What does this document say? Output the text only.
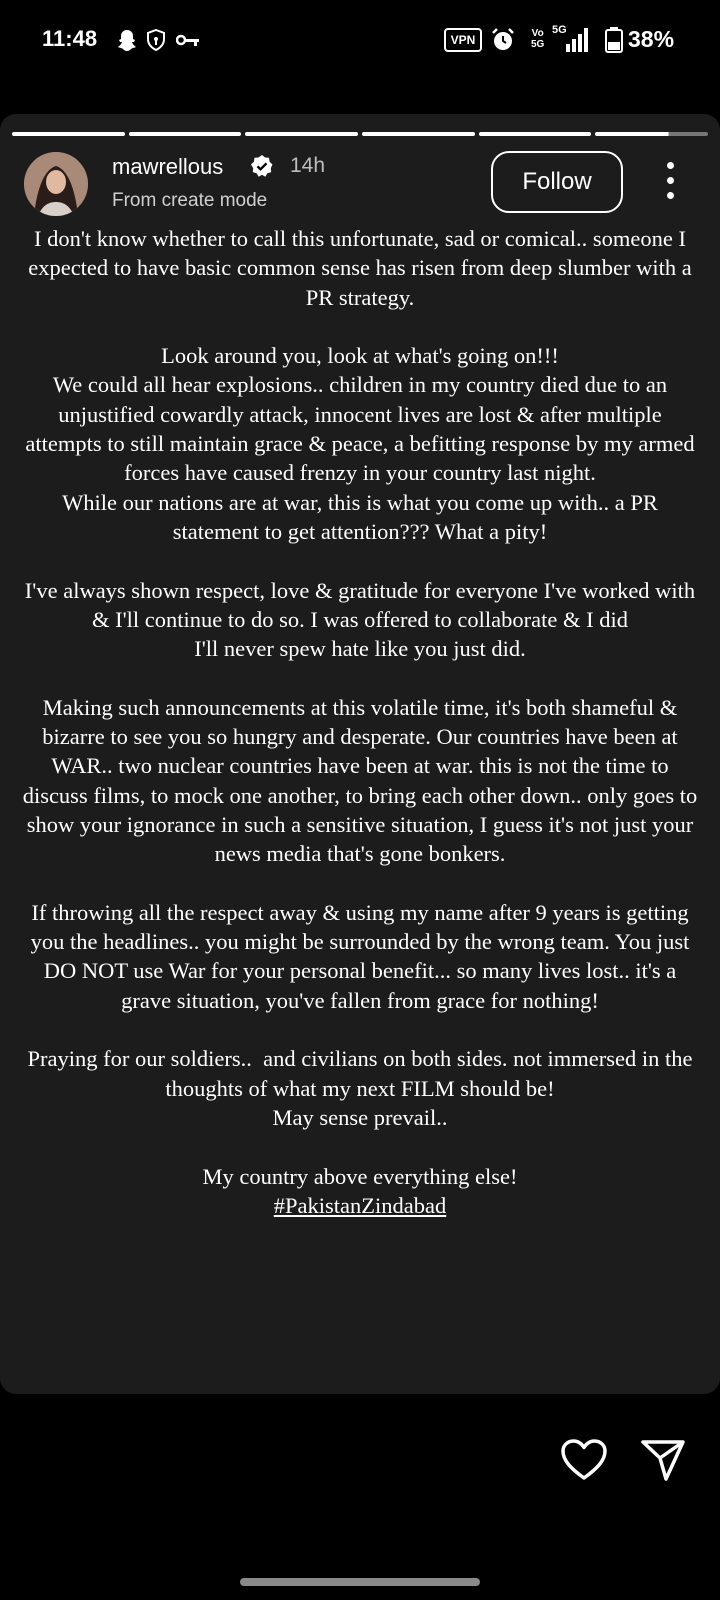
11:48	VPN	Vo
5G
5G	38%
mawrellous	14h
From create mode
Follow

I don't know whether to call this unfortunate, sad or comical.. someone I expected to have basic common sense has risen from deep slumber with a PR strategy.

Look around you, look at what's going on!!!
We could all hear explosions.. children in my country died due to an unjustified cowardly attack, innocent lives are lost & after multiple attempts to still maintain grace & peace, a befitting response by my armed forces have caused frenzy in your country last night.
While our nations are at war, this is what you come up with.. a PR statement to get attention??? What a pity!

I've always shown respect, love & gratitude for everyone I've worked with & I'll continue to do so. I was offered to collaborate & I did
I'll never spew hate like you just did.

Making such announcements at this volatile time, it's both shameful & bizarre to see you so hungry and desperate. Our countries have been at WAR.. two nuclear countries have been at war. this is not the time to discuss films, to mock one another, to bring each other down.. only goes to show your ignorance in such a sensitive situation, I guess it's not just your news media that's gone bonkers.

If throwing all the respect away & using my name after 9 years is getting you the headlines.. you might be surrounded by the wrong team. You just DO NOT use War for your personal benefit... so many lives lost.. it's a grave situation, you've fallen from grace for nothing!

Praying for our soldiers..  and civilians on both sides. not immersed in the thoughts of what my next FILM should be!
May sense prevail..

My country above everything else!
#PakistanZindabad
